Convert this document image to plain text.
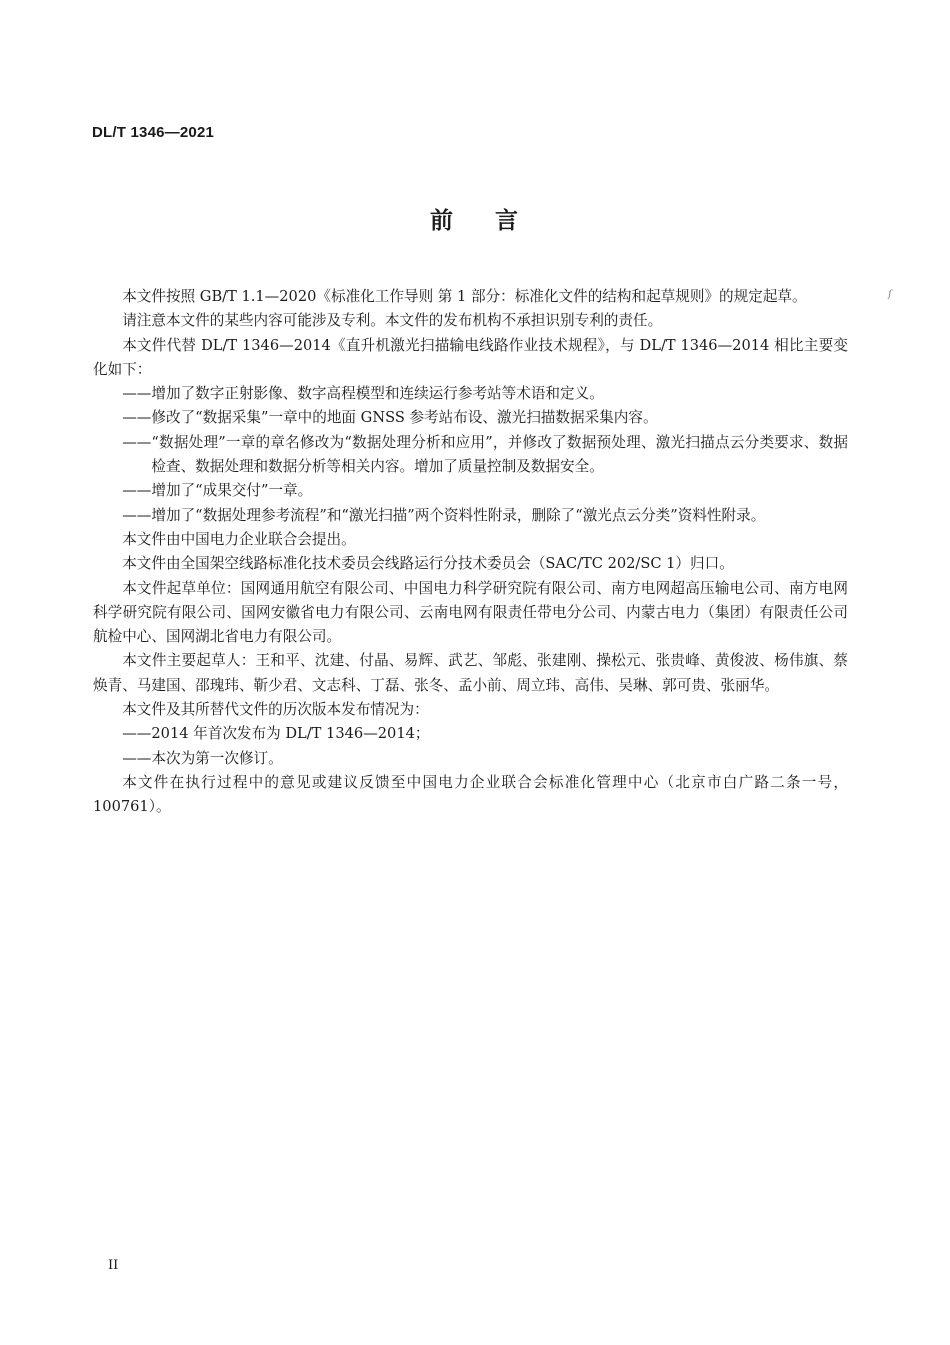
DL/T 1346—2021
前 言
ſ

本文件按照 GB/T 1.1—2020《标准化工作导则 第 1 部分：标准化文件的结构和起草规则》的规定起草。

请注意本文件的某些内容可能涉及专利。本文件的发布机构不承担识别专利的责任。

本文件代替 DL/T 1346—2014《直升机激光扫描输电线路作业技术规程》，与 DL/T 1346—2014 相比主要变化如下：

——增加了数字正射影像、数字高程模型和连续运行参考站等术语和定义。

——修改了“数据采集”一章中的地面 GNSS 参考站布设、激光扫描数据采集内容。

——“数据处理”一章的章名修改为“数据处理分析和应用”，并修改了数据预处理、激光扫描点云分类要求、数据检查、数据处理和数据分析等相关内容。增加了质量控制及数据安全。

——增加了“成果交付”一章。

——增加了“数据处理参考流程”和“激光扫描”两个资料性附录，删除了“激光点云分类”资料性附录。

本文件由中国电力企业联合会提出。

本文件由全国架空线路标准化技术委员会线路运行分技术委员会（SAC/TC 202/SC 1）归口。

本文件起草单位：国网通用航空有限公司、中国电力科学研究院有限公司、南方电网超高压输电公司、南方电网科学研究院有限公司、国网安徽省电力有限公司、云南电网有限责任带电分公司、内蒙古电力（集团）有限责任公司航检中心、国网湖北省电力有限公司。

本文件主要起草人：王和平、沈建、付晶、易辉、武艺、邹彪、张建刚、操松元、张贵峰、黄俊波、杨伟旗、蔡焕青、马建国、邵瑰玮、靳少君、文志科、丁磊、张冬、孟小前、周立玮、高伟、吴琳、郭可贵、张丽华。

本文件及其所替代文件的历次版本发布情况为：

——2014 年首次发布为 DL/T 1346—2014；

——本次为第一次修订。

本文件在执行过程中的意见或建议反馈至中国电力企业联合会标准化管理中心（北京市白广路二条一号，100761）。

II
